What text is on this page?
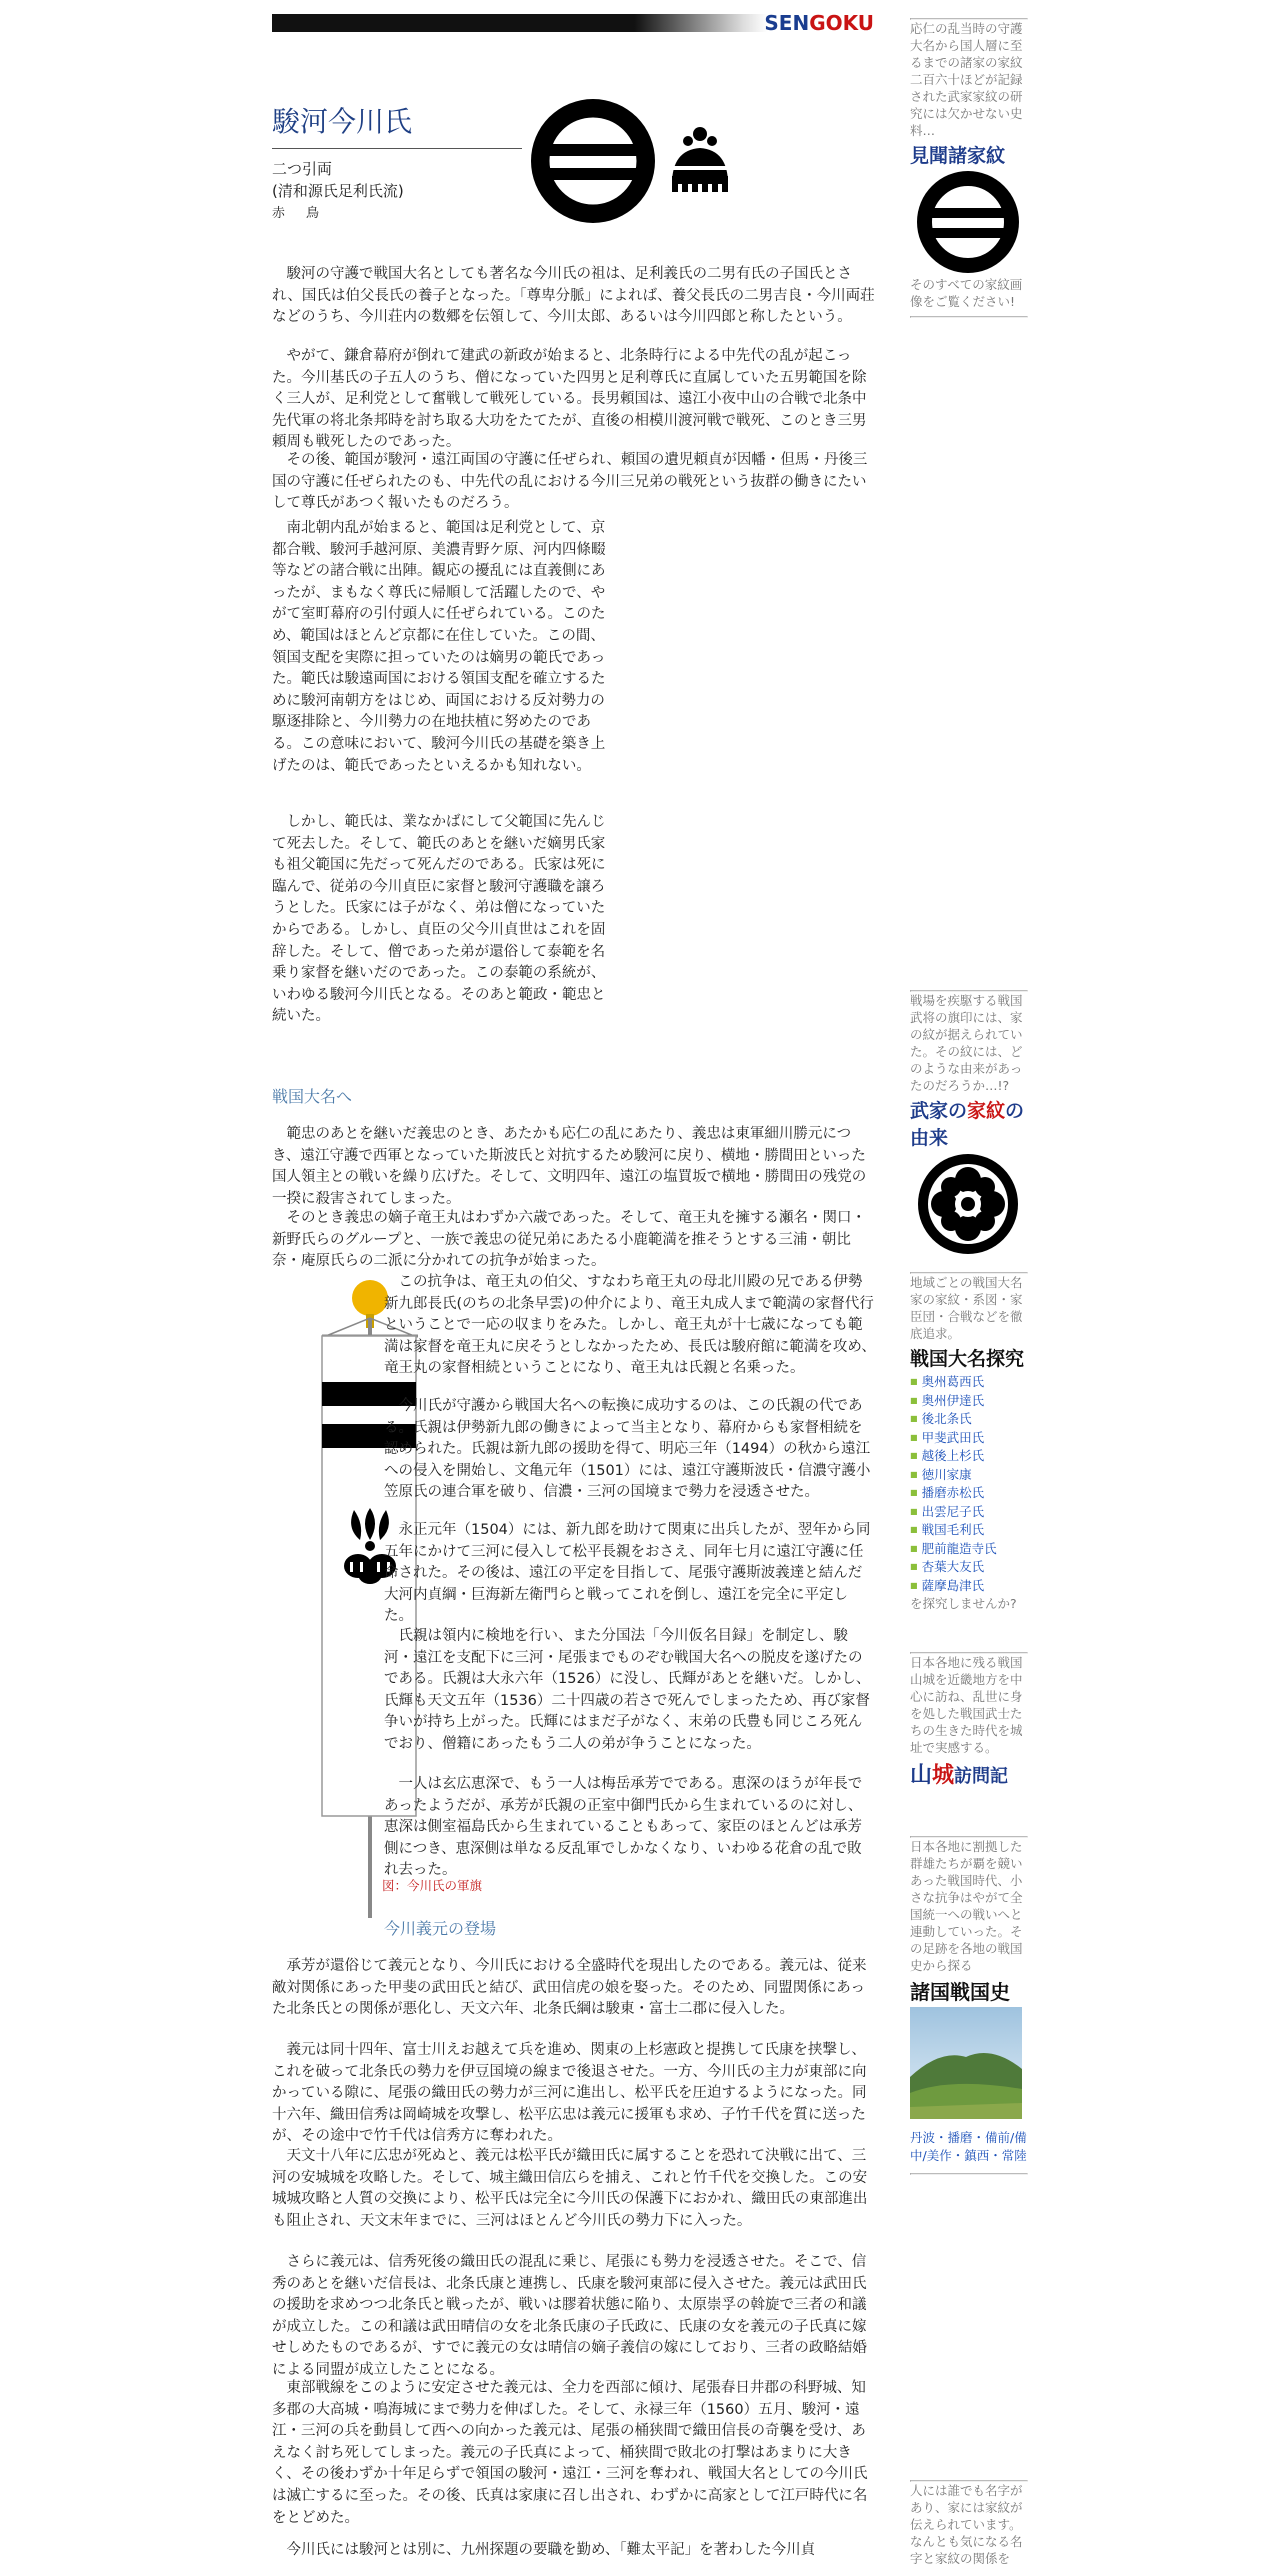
SENGOKU
駿河今川氏
二つ引両
(清和源氏足利氏流)
赤　鳥

駿河の守護で戦国大名としても著名な今川氏の祖は、足利義氏の二男有氏の子国氏とされ、国氏は伯父長氏の養子となった。「尊卑分脈」によれば、養父長氏の二男吉良・今川両荘などのうち、今川荘内の数郷を伝領して、今川太郎、あるいは今川四郎と称したという。

やがて、鎌倉幕府が倒れて建武の新政が始まると、北条時行による中先代の乱が起こった。今川基氏の子五人のうち、僧になっていた四男と足利尊氏に直属していた五男範国を除く三人が、足利党として奮戦して戦死している。長男頼国は、遠江小夜中山の合戦で北条中先代軍の将北条邦時を討ち取る大功をたてたが、直後の相模川渡河戦で戦死、このとき三男頼周も戦死したのであった。

その後、範国が駿河・遠江両国の守護に任ぜられ、頼国の遺児頼貞が因幡・但馬・丹後三国の守護に任ぜられたのも、中先代の乱における今川三兄弟の戦死という抜群の働きにたいして尊氏があつく報いたものだろう。

南北朝内乱が始まると、範国は足利党として、京都合戦、駿河手越河原、美濃青野ケ原、河内四條畷等などの諸合戦に出陣。観応の擾乱には直義側にあったが、まもなく尊氏に帰順して活躍したので、やがて室町幕府の引付頭人に任ぜられている。このため、範国はほとんど京都に在住していた。この間、領国支配を実際に担っていたのは嫡男の範氏であった。範氏は駿遠両国における領国支配を確立するために駿河南朝方をはじめ、両国における反対勢力の駆逐排除と、今川勢力の在地扶植に努めたのである。この意味において、駿河今川氏の基礎を築き上げたのは、範氏であったといえるかも知れない。

しかし、範氏は、業なかばにして父範国に先んじて死去した。そして、範氏のあとを継いだ嫡男氏家も祖父範国に先だって死んだのである。氏家は死に臨んで、従弟の今川貞臣に家督と駿河守護職を譲ろうとした。氏家には子がなく、弟は僧になっていたからである。しかし、貞臣の父今川貞世はこれを固辞した。そして、僧であった弟が還俗して泰範を名乗り家督を継いだのであった。この泰範の系統が、いわゆる駿河今川氏となる。そのあと範政・範忠と続いた。

戦国大名へ

範忠のあとを継いだ義忠のとき、あたかも応仁の乱にあたり、義忠は東軍細川勝元につき、遠江守護で西軍となっていた斯波氏と対抗するため駿河に戻り、横地・勝間田といった国人領主との戦いを繰り広げた。そして、文明四年、遠江の塩買坂で横地・勝間田の残党の一揆に殺害されてしまった。

そのとき義忠の嫡子竜王丸はわずか六歳であった。そして、竜王丸を擁する瀬名・関口・新野氏らのグループと、一族で義忠の従兄弟にあたる小鹿範満を推そうとする三浦・朝比奈・庵原氏らの二派に分かれての抗争が始まった。

この抗争は、竜王丸の伯父、すなわち竜王丸の母北川殿の兄である伊勢新九郎長氏(のちの北条早雲)の仲介により、竜王丸成人まで範満の家督代行ということで一応の収まりをみた。しかし、竜王丸が十七歳になっても範満は家督を竜王丸に戻そうとしなかったため、長氏は駿府館に範満を攻め、竜王丸の家督相続ということになり、竜王丸は氏親と名乗った。

今川氏が守護から戦国大名への転換に成功するのは、この氏親の代である。氏親は伊勢新九郎の働きによって当主となり、幕府からも家督相続を認められた。氏親は新九郎の援助を得て、明応三年（1494）の秋から遠江への侵入を開始し、文亀元年（1501）には、遠江守護斯波氏・信濃守護小笠原氏の連合軍を破り、信濃・三河の国境まで勢力を浸透させた。

永正元年（1504）には、新九郎を助けて関東に出兵したが、翌年から同五年にかけて三河に侵入して松平長親をおさえ、同年七月に遠江守護に任命された。その後は、遠江の平定を目指して、尾張守護斯波義達と結んだ大河内貞綱・巨海新左衛門らと戦ってこれを倒し、遠江を完全に平定した。

氏親は領内に検地を行い、また分国法「今川仮名目録」を制定し、駿河・遠江を支配下に三河・尾張までものぞむ戦国大名への脱皮を遂げたのである。氏親は大永六年（1526）に没し、氏輝があとを継いだ。しかし、氏輝も天文五年（1536）二十四歳の若さで死んでしまったため、再び家督争いが持ち上がった。氏輝にはまだ子がなく、末弟の氏豊も同じころ死んでおり、僧籍にあったもう二人の弟が争うことになった。

一人は玄広恵深で、もう一人は梅岳承芳でである。恵深のほうが年長であったようだが、承芳が氏親の正室中御門氏から生まれているのに対し、恵深は側室福島氏から生まれていることもあって、家臣のほとんどは承芳側につき、恵深側は単なる反乱軍でしかなくなり、いわゆる花倉の乱で敗れ去った。

図：今川氏の軍旗
今川義元の登場

承芳が還俗じて義元となり、今川氏における全盛時代を現出したのである。義元は、従来敵対関係にあった甲斐の武田氏と結び、武田信虎の娘を娶った。そのため、同盟関係にあった北条氏との関係が悪化し、天文六年、北条氏綱は駿東・富士二郡に侵入した。

義元は同十四年、富士川えお越えて兵を進め、関東の上杉憲政と提携して氏康を挟撃し、これを破って北条氏の勢力を伊豆国境の線まで後退させた。一方、今川氏の主力が東部に向かっている隙に、尾張の織田氏の勢力が三河に進出し、松平氏を圧迫するようになった。同十六年、織田信秀は岡崎城を攻撃し、松平広忠は義元に援軍も求め、子竹千代を質に送ったが、その途中で竹千代は信秀方に奪われた。

天文十八年に広忠が死ぬと、義元は松平氏が織田氏に属することを恐れて決戦に出て、三河の安城城を攻略した。そして、城主織田信広らを捕え、これと竹千代を交換した。この安城城攻略と人質の交換により、松平氏は完全に今川氏の保護下におかれ、織田氏の東部進出も阻止され、天文末年までに、三河はほとんど今川氏の勢力下に入った。

さらに義元は、信秀死後の織田氏の混乱に乗じ、尾張にも勢力を浸透させた。そこで、信秀のあとを継いだ信長は、北条氏康と連携し、氏康を駿河東部に侵入させた。義元は武田氏の援助を求めつつ北条氏と戦ったが、戦いは膠着状態に陥り、太原崇孚の斡旋で三者の和議が成立した。この和議は武田晴信の女を北条氏康の子氏政に、氏康の女を義元の子氏真に嫁せしめたものであるが、すでに義元の女は晴信の嫡子義信の嫁にしており、三者の政略結婚による同盟が成立したことになる。

東部戦線をこのように安定させた義元は、全力を西部に傾け、尾張春日井郡の科野城、知多郡の大高城・鳴海城にまで勢力を伸ばした。そして、永禄三年（1560）五月、駿河・遠江・三河の兵を動員して西への向かった義元は、尾張の桶狭間で織田信長の奇襲を受け、あえなく討ち死してしまった。義元の子氏真によって、桶狭間で敗北の打撃はあまりに大きく、その後わずか十年足らずで領国の駿河・遠江・三河を奪われ、戦国大名としての今川氏は滅亡するに至った。その後、氏真は家康に召し出され、わずかに高家として江戸時代に名をとどめた。

今川氏には駿河とは別に、九州探題の要職を勤め、「難太平記」を著わした今川貞

応仁の乱当時の守護大名から国人層に至るまでの諸家の家紋 二百六十ほどが記録された武家家紋の研究には欠かせない史料…

見聞諸家紋

そのすべての家紋画像をご覧ください!

戦場を疾駆する戦国武将の旗印には、家の紋が据えられていた。その紋には、どのような由来があったのだろうか…!?

武家の家紋の由来

地域ごとの戦国大名家の家紋・系図・家臣団・合戦などを徹底追求。

戦国大名探究
■ 奥州葛西氏
■ 奥州伊達氏
■ 後北条氏
■ 甲斐武田氏
■ 越後上杉氏
■ 徳川家康
■ 播磨赤松氏
■ 出雲尼子氏
■ 戦国毛利氏
■ 肥前龍造寺氏
■ 杏葉大友氏
■ 薩摩島津氏

を探究しませんか?

日本各地に残る戦国山城を近畿地方を中心に訪ね、乱世に身を処した戦国武士たちの生きた時代を城址で実感する。

山城訪問記

日本各地に割拠した群雄たちが覇を競いあった戦国時代、小さな抗争はやがて全国統一への戦いへと連動していった。その足跡を各地の戦国史から探る

諸国戦国史

丹波・播磨・備前/備中/美作・鎮西・常陸

人には誰でも名字があり、家には家紋が伝えられています。なんとも気になる名字と家紋の関係を
